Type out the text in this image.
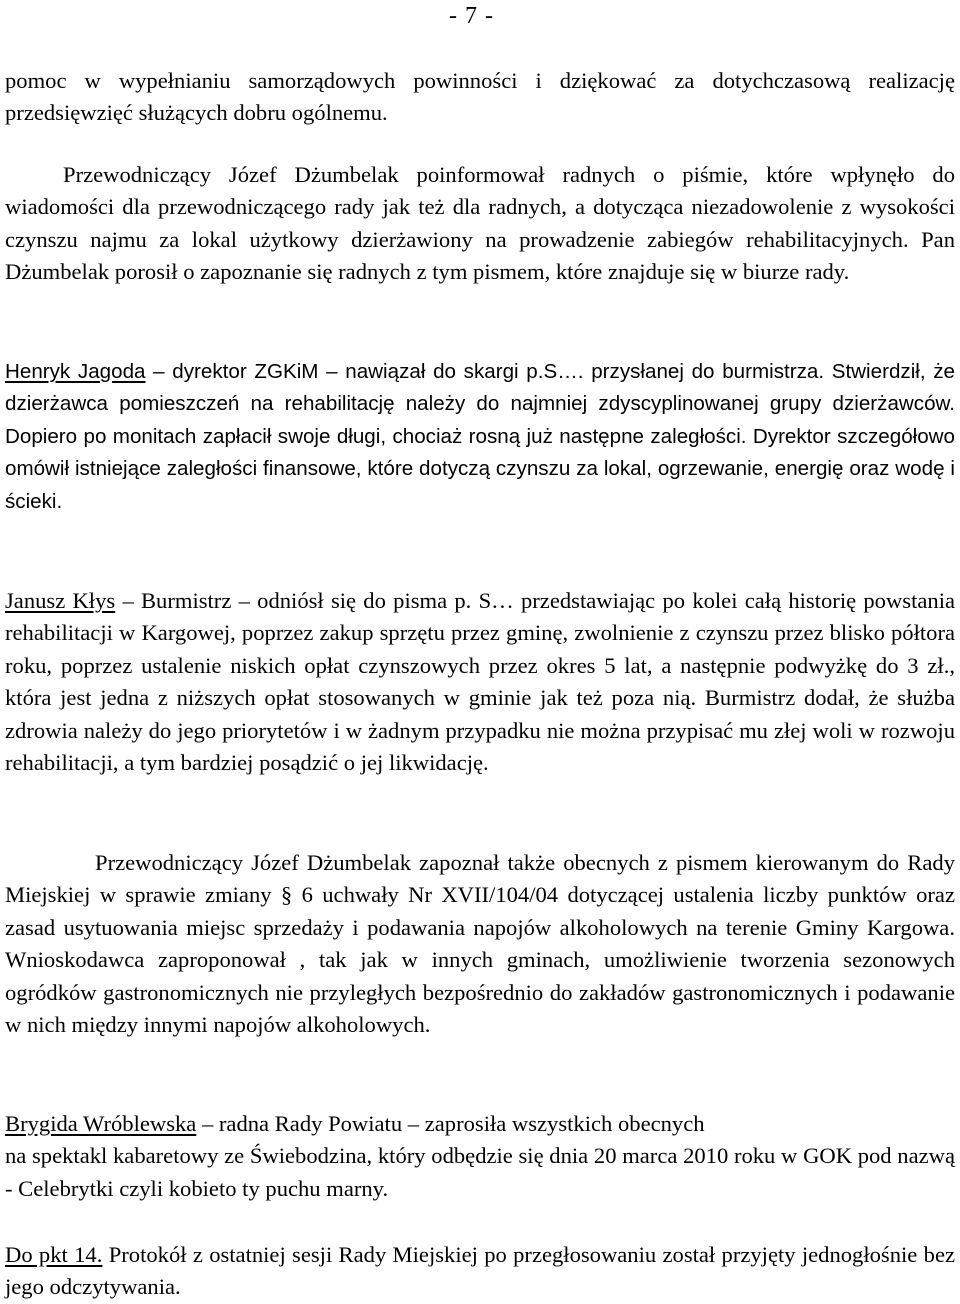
- 7 -

pomoc w wypełnianiu samorządowych powinności i dziękować za dotychczasową realizację przedsięwzięć służących dobru ogólnemu.

Przewodniczący Józef Dżumbelak poinformował radnych o piśmie, które wpłynęło do wiadomości dla przewodniczącego rady jak też dla radnych, a dotycząca niezadowolenie z wysokości czynszu najmu za lokal użytkowy dzierżawiony na prowadzenie zabiegów rehabilitacyjnych. Pan Dżumbelak porosił o zapoznanie się radnych z tym pismem, które znajduje się w biurze rady.

Henryk Jagoda – dyrektor ZGKiM – nawiązał do skargi p.S…. przysłanej do burmistrza. Stwierdził, że dzierżawca pomieszczeń na rehabilitację należy do najmniej zdyscyplinowanej grupy dzierżawców. Dopiero po monitach zapłacił swoje długi, chociaż rosną już następne zaległości. Dyrektor szczegółowo omówił istniejące zaległości finansowe, które dotyczą czynszu za lokal, ogrzewanie, energię oraz wodę i ścieki.

Janusz Kłys – Burmistrz – odniósł się do pisma p. S… przedstawiając po kolei całą historię powstania rehabilitacji w Kargowej, poprzez zakup sprzętu przez gminę, zwolnienie z czynszu przez blisko półtora roku, poprzez ustalenie niskich opłat czynszowych przez okres 5 lat, a następnie podwyżkę do 3 zł., która jest jedna z niższych opłat stosowanych w gminie jak też poza nią. Burmistrz dodał, że służba zdrowia należy do jego priorytetów i w żadnym przypadku nie można przypisać mu złej woli w rozwoju rehabilitacji, a tym bardziej posądzić o jej likwidację.

Przewodniczący Józef Dżumbelak zapoznał także obecnych z pismem kierowanym do Rady Miejskiej w sprawie zmiany § 6 uchwały Nr XVII/104/04 dotyczącej ustalenia liczby punktów oraz zasad usytuowania miejsc sprzedaży i podawania napojów alkoholowych na terenie Gminy Kargowa. Wnioskodawca zaproponował , tak jak w innych gminach, umożliwienie tworzenia sezonowych ogródków gastronomicznych nie przyległych bezpośrednio do zakładów gastronomicznych i podawanie w nich między innymi napojów alkoholowych.

Brygida Wróblewska – radna Rady Powiatu – zaprosiła wszystkich obecnych
na spektakl kabaretowy ze Świebodzina, który odbędzie się dnia 20 marca 2010 roku w GOK pod nazwą - Celebrytki czyli kobieto ty puchu marny.

Do pkt 14. Protokół z ostatniej sesji Rady Miejskiej po przegłosowaniu został przyjęty jednogłośnie bez jego odczytywania.
